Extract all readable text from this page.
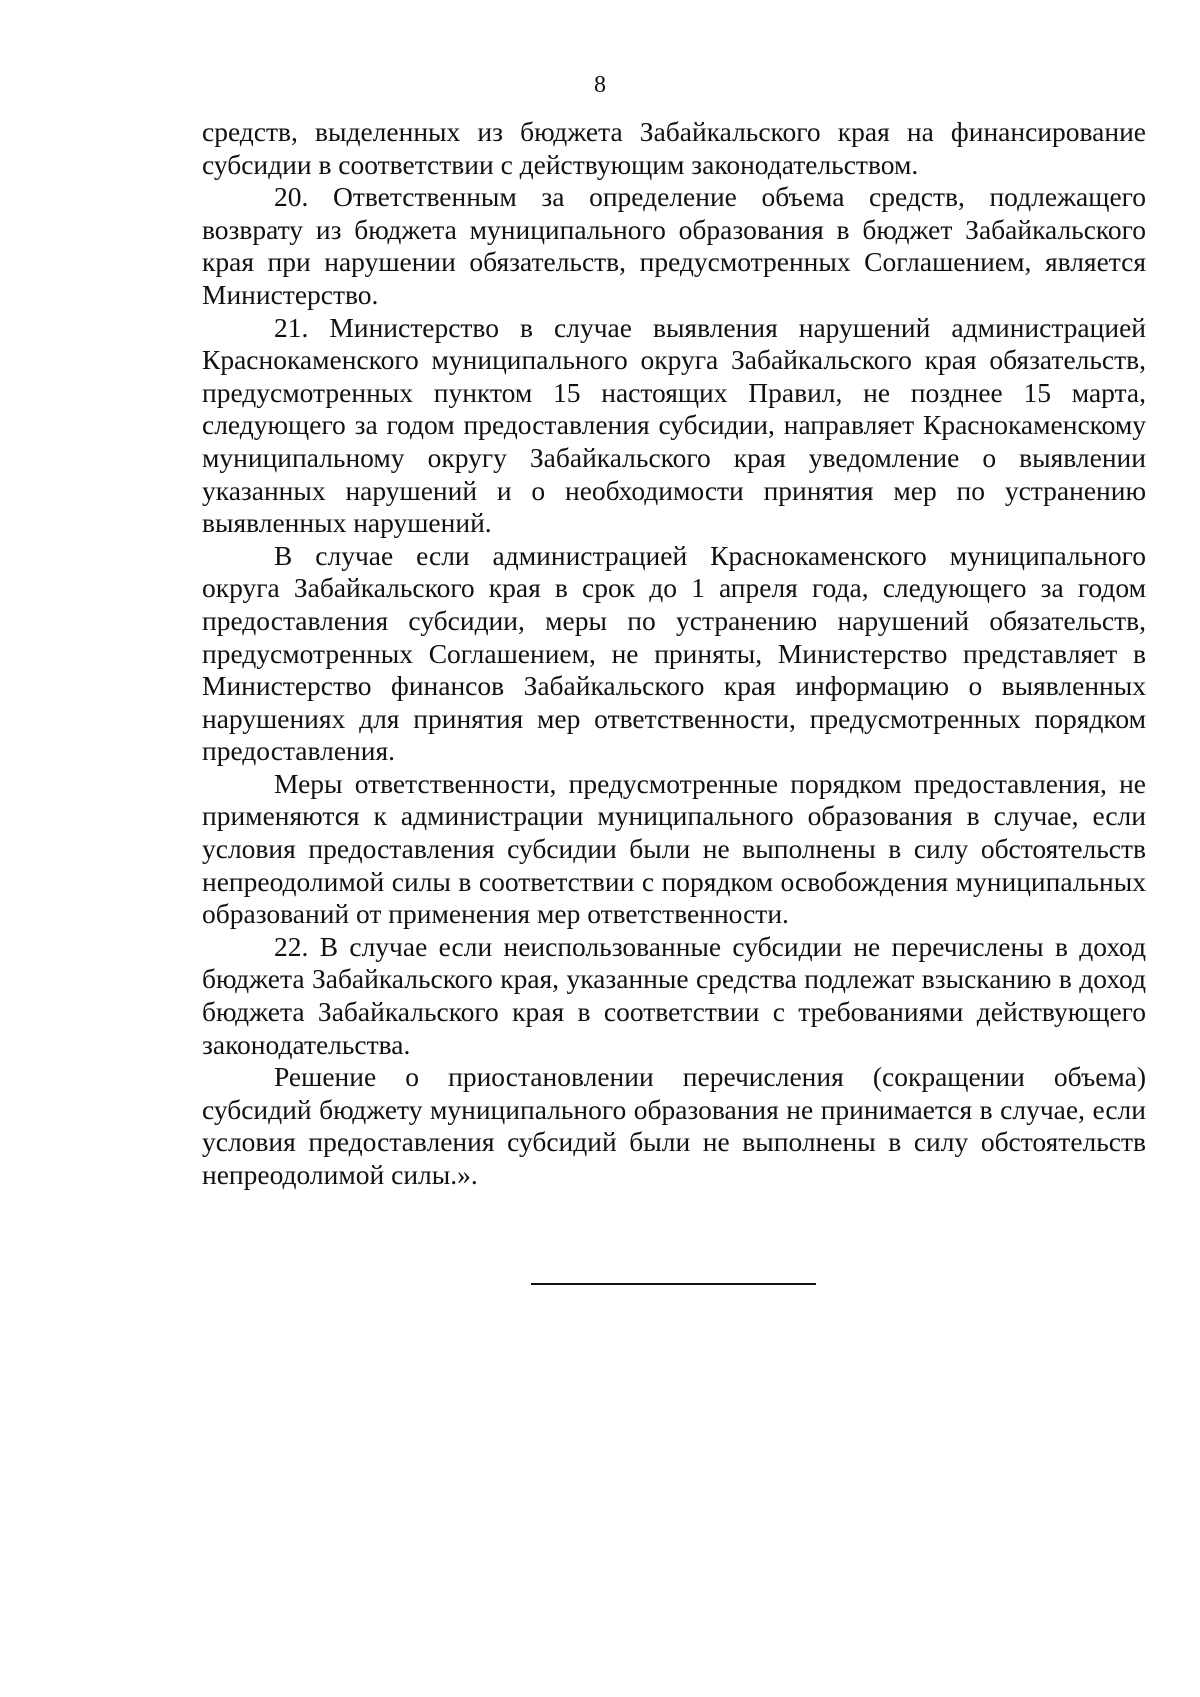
8

средств, выделенных из бюджета Забайкальского края на финансирование субсидии в соответствии с действующим законодательством.

20. Ответственным за определение объема средств, подлежащего возврату из бюджета муниципального образования в бюджет Забайкальского края при нарушении обязательств, предусмотренных Соглашением, является Министерство.

21. Министерство в случае выявления нарушений администрацией Краснокаменского муниципального округа Забайкальского края обязательств, предусмотренных пунктом 15 настоящих Правил, не позднее 15 марта, следующего за годом предоставления субсидии, направляет Краснокаменскому муниципальному округу Забайкальского края уведомление о выявлении указанных нарушений и о необходимости принятия мер по устранению выявленных нарушений.

В случае если администрацией Краснокаменского муниципального округа Забайкальского края в срок до 1 апреля года, следующего за годом предоставления субсидии, меры по устранению нарушений обязательств, предусмотренных Соглашением, не приняты, Министерство представляет в Министерство финансов Забайкальского края информацию о выявленных нарушениях для принятия мер ответственности, предусмотренных порядком предоставления.

Меры ответственности, предусмотренные порядком предоставления, не применяются к администрации муниципального образования в случае, если условия предоставления субсидии были не выполнены в силу обстоятельств непреодолимой силы в соответствии с порядком освобождения муниципальных образований от применения мер ответственности.

22. В случае если неиспользованные субсидии не перечислены в доход бюджета Забайкальского края, указанные средства подлежат взысканию в доход бюджета Забайкальского края в соответствии с требованиями действующего законодательства.

Решение о приостановлении перечисления (сокращении объема) субсидий бюджету муниципального образования не принимается в случае, если условия предоставления субсидий были не выполнены в силу обстоятельств непреодолимой силы.».
